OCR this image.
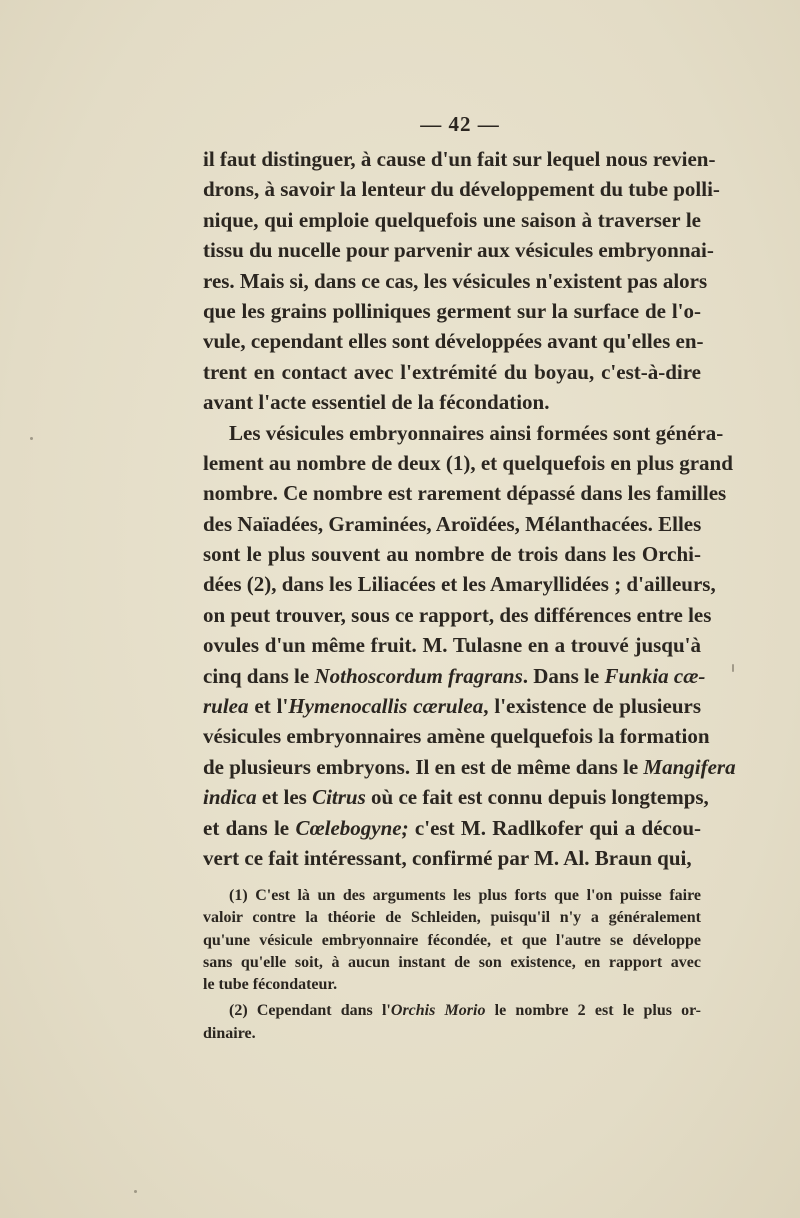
— 42 —
il faut distinguer, à cause d'un fait sur lequel nous revien-
drons, à savoir la lenteur du développement du tube polli-
nique, qui emploie quelquefois une saison à traverser le
tissu du nucelle pour parvenir aux vésicules embryonnai-
res. Mais si, dans ce cas, les vésicules n'existent pas alors
que les grains polliniques germent sur la surface de l'o-
vule, cependant elles sont développées avant qu'elles en-
trent en contact avec l'extrémité du boyau, c'est-à-dire
avant l'acte essentiel de la fécondation.
Les vésicules embryonnaires ainsi formées sont généra-
lement au nombre de deux (1), et quelquefois en plus grand
nombre. Ce nombre est rarement dépassé dans les familles
des Naïadées, Graminées, Aroïdées, Mélanthacées. Elles
sont le plus souvent au nombre de trois dans les Orchi-
dées (2), dans les Liliacées et les Amaryllidées ; d'ailleurs,
on peut trouver, sous ce rapport, des différences entre les
ovules d'un même fruit. M. Tulasne en a trouvé jusqu'à
cinq dans le Nothoscordum fragrans. Dans le Funkia cæ-
rulea et l'Hymenocallis cærulea, l'existence de plusieurs
vésicules embryonnaires amène quelquefois la formation
de plusieurs embryons. Il en est de même dans le Mangifera
indica et les Citrus où ce fait est connu depuis longtemps,
et dans le Cœlebogyne; c'est M. Radlkofer qui a décou-
vert ce fait intéressant, confirmé par M. Al. Braun qui,
(1) C'est là un des arguments les plus forts que l'on puisse faire
valoir contre la théorie de Schleiden, puisqu'il n'y a généralement
qu'une vésicule embryonnaire fécondée, et que l'autre se développe
sans qu'elle soit, à aucun instant de son existence, en rapport avec
le tube fécondateur.
(2) Cependant dans l'Orchis Morio le nombre 2 est le plus or-
dinaire.
